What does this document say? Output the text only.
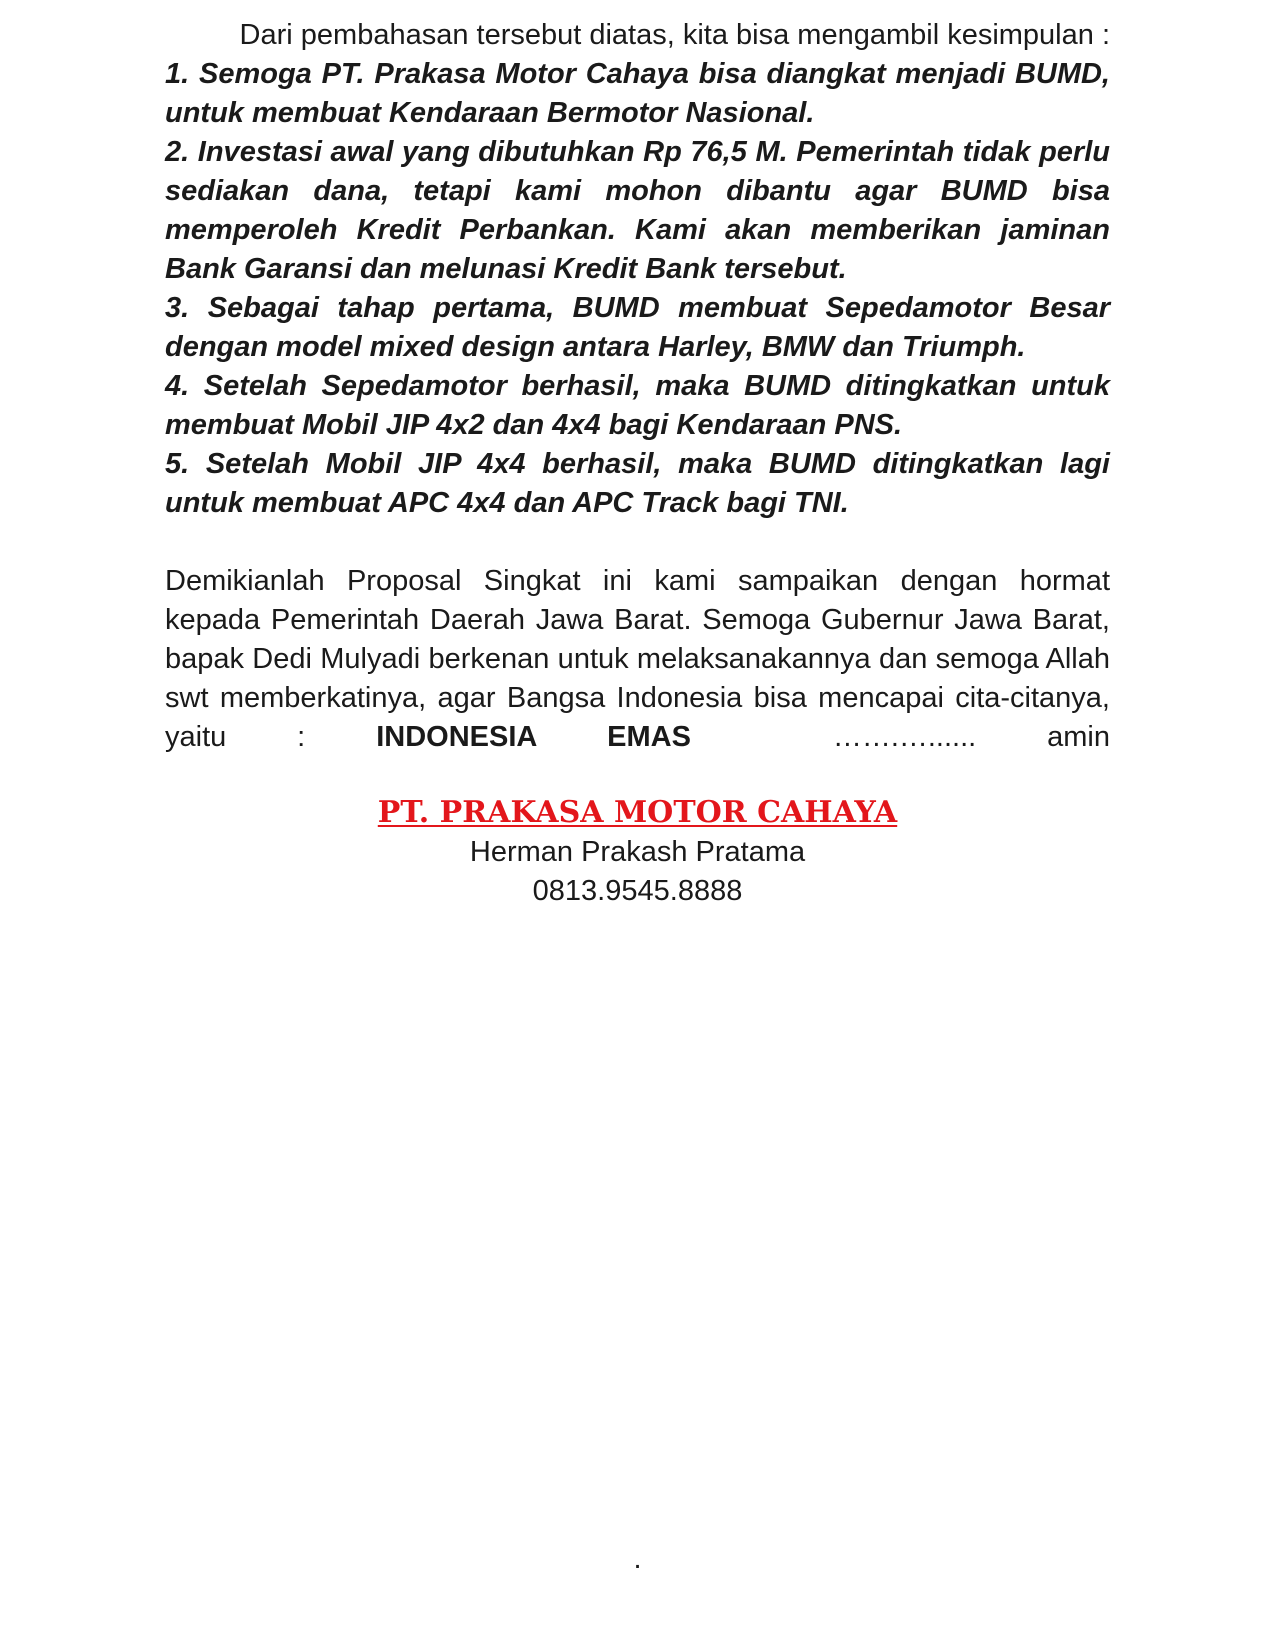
Dari pembahasan tersebut diatas, kita bisa mengambil kesimpulan :

1. Semoga PT. Prakasa Motor Cahaya bisa diangkat menjadi BUMD, untuk membuat Kendaraan Bermotor Nasional.
2. Investasi awal yang dibutuhkan Rp 76,5 M. Pemerintah tidak perlu sediakan dana, tetapi kami mohon dibantu agar BUMD bisa memperoleh Kredit Perbankan. Kami akan memberikan jaminan Bank Garansi dan melunasi Kredit Bank tersebut.
3. Sebagai tahap pertama, BUMD membuat Sepedamotor Besar dengan model mixed design antara Harley, BMW dan Triumph.
4. Setelah Sepedamotor berhasil, maka BUMD ditingkatkan untuk membuat Mobil JIP 4x2 dan 4x4 bagi Kendaraan PNS.
5. Setelah Mobil JIP 4x4 berhasil, maka BUMD ditingkatkan lagi untuk membuat APC 4x4 dan APC Track bagi TNI.

Demikianlah Proposal Singkat ini kami sampaikan dengan hormat kepada Pemerintah Daerah Jawa Barat. Semoga Gubernur Jawa Barat, bapak Dedi Mulyadi berkenan untuk melaksanakannya dan semoga Allah swt memberkatinya, agar Bangsa Indonesia bisa mencapai cita-citanya, yaitu : INDONESIA EMAS	…….…...... amin

PT. PRAKASA MOTOR CAHAYA
Herman Prakash Pratama
0813.9545.8888
.
